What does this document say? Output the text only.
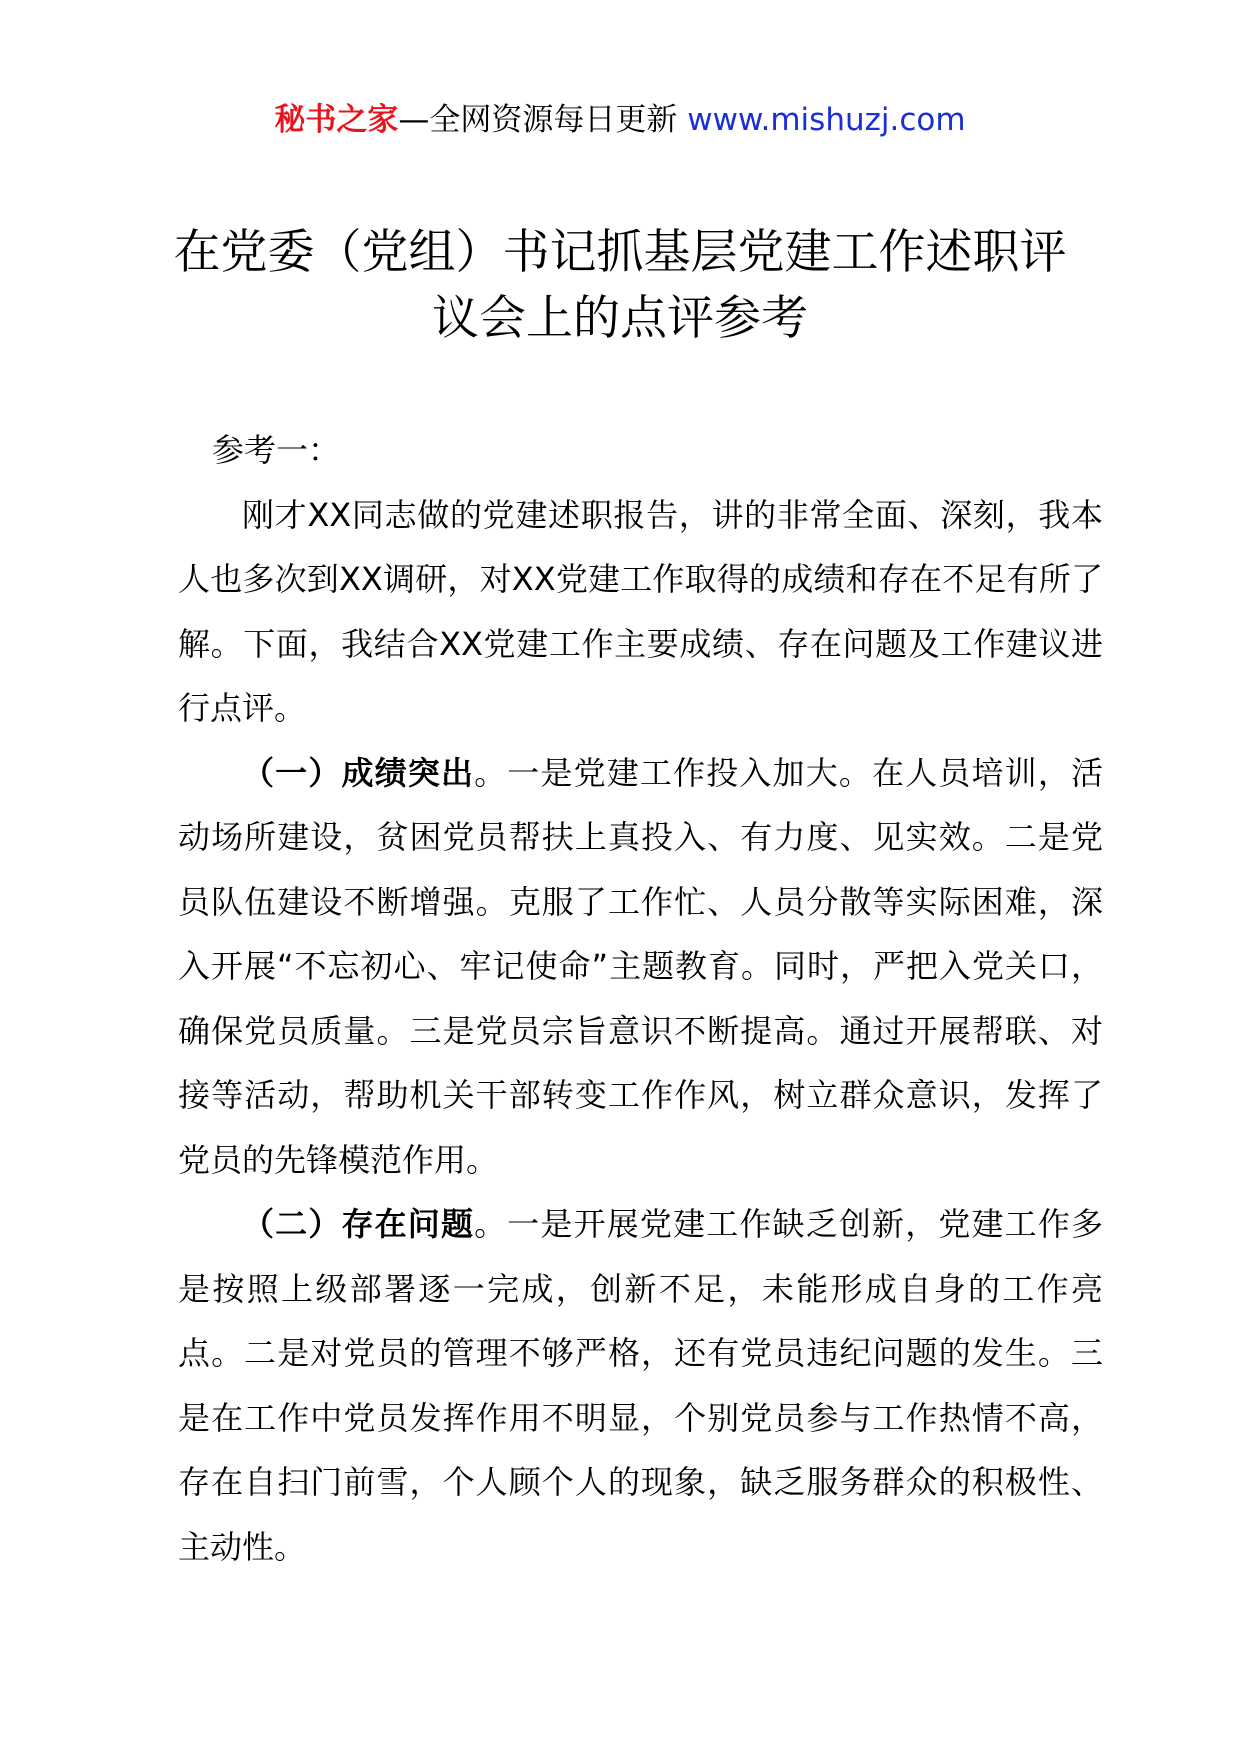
秘书之家—全网资源每日更新 www.mishuzj.com
在党委（党组）书记抓基层党建工作述职评
议会上的点评参考

参考一：

刚才XX同志做的党建述职报告，讲的非常全面、深刻，我本人也多次到XX调研，对XX党建工作取得的成绩和存在不足有所了解。下面，我结合XX党建工作主要成绩、存在问题及工作建议进行点评。

（一）成绩突出。一是党建工作投入加大。在人员培训，活动场所建设，贫困党员帮扶上真投入、有力度、见实效。二是党员队伍建设不断增强。克服了工作忙、人员分散等实际困难，深入开展“不忘初心、牢记使命”主题教育。同时，严把入党关口，确保党员质量。三是党员宗旨意识不断提高。通过开展帮联、对接等活动，帮助机关干部转变工作作风，树立群众意识，发挥了党员的先锋模范作用。

（二）存在问题。一是开展党建工作缺乏创新，党建工作多是按照上级部署逐一完成，创新不足，未能形成自身的工作亮点。二是对党员的管理不够严格，还有党员违纪问题的发生。三是在工作中党员发挥作用不明显，个别党员参与工作热情不高，存在自扫门前雪，个人顾个人的现象，缺乏服务群众的积极性、主动性。
